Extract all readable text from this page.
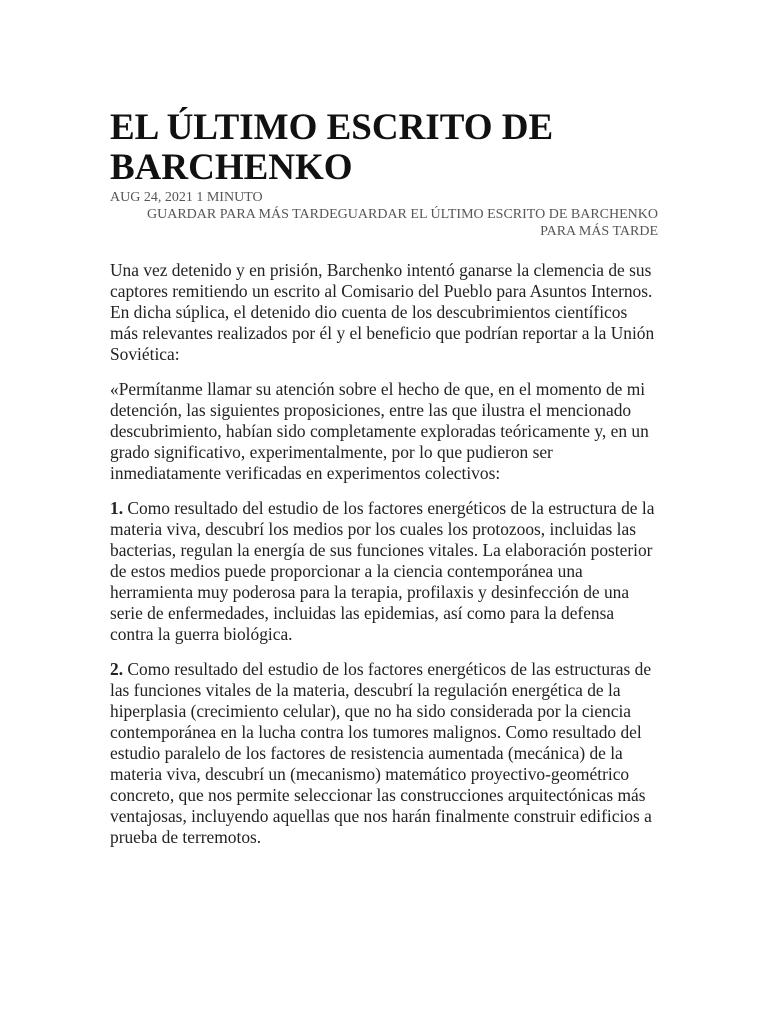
EL ÚLTIMO ESCRITO DE BARCHENKO
AUG 24, 2021 1 MINUTO
GUARDAR PARA MÁS TARDEGUARDAR EL ÚLTIMO ESCRITO DE BARCHENKO PARA MÁS TARDE

Una vez detenido y en prisión, Barchenko intentó ganarse la clemencia de sus captores remitiendo un escrito al Comisario del Pueblo para Asuntos Internos. En dicha súplica, el detenido dio cuenta de los descubrimientos científicos más relevantes realizados por él y el beneficio que podrían reportar a la Unión Soviética:

«Permítanme llamar su atención sobre el hecho de que, en el momento de mi detención, las siguientes proposiciones, entre las que ilustra el mencionado descubrimiento, habían sido completamente exploradas teóricamente y, en un grado significativo, experimentalmente, por lo que pudieron ser inmediatamente verificadas en experimentos colectivos:

1. Como resultado del estudio de los factores energéticos de la estructura de la materia viva, descubrí los medios por los cuales los protozoos, incluidas las bacterias, regulan la energía de sus funciones vitales. La elaboración posterior de estos medios puede proporcionar a la ciencia contemporánea una herramienta muy poderosa para la terapia, profilaxis y desinfección de una serie de enfermedades, incluidas las epidemias, así como para la defensa contra la guerra biológica.

2. Como resultado del estudio de los factores energéticos de las estructuras de las funciones vitales de la materia, descubrí la regulación energética de la hiperplasia (crecimiento celular), que no ha sido considerada por la ciencia contemporánea en la lucha contra los tumores malignos. Como resultado del estudio paralelo de los factores de resistencia aumentada (mecánica) de la materia viva, descubrí un (mecanismo) matemático proyectivo-geométrico concreto, que nos permite seleccionar las construcciones arquitectónicas más ventajosas, incluyendo aquellas que nos harán finalmente construir edificios a prueba de terremotos.
